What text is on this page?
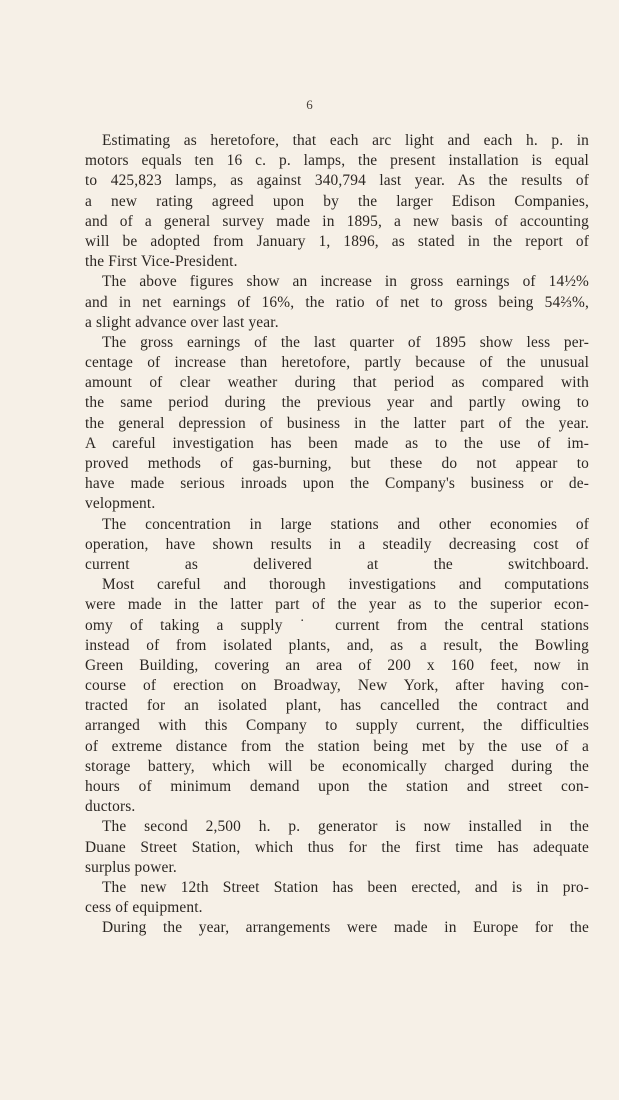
6
Estimating as heretofore, that each arc light and each h. p. in
motors equals ten 16 c. p. lamps, the present installation is equal
to 425,823 lamps, as against 340,794 last year. As the results of
a new rating agreed upon by the larger Edison Companies,
and of a general survey made in 1895, a new basis of accounting
will be adopted from January 1, 1896, as stated in the report of
the First Vice-President.
The above figures show an increase in gross earnings of 14½%
and in net earnings of 16%, the ratio of net to gross being 54⅔%,
a slight advance over last year.
The gross earnings of the last quarter of 1895 show less per-
centage of increase than heretofore, partly because of the unusual
amount of clear weather during that period as compared with
the same period during the previous year and partly owing to
the general depression of business in the latter part of the year.
A careful investigation has been made as to the use of im-
proved methods of gas-burning, but these do not appear to
have made serious inroads upon the Company's business or de-
velopment.
The concentration in large stations and other economies of
operation, have shown results in a steadily decreasing cost of
current as delivered at the switchboard.
Most careful and thorough investigations and computations
were made in the latter part of the year as to the superior econ-
omy of taking a supply ˙ current from the central stations
instead of from isolated plants, and, as a result, the Bowling
Green Building, covering an area of 200 x 160 feet, now in
course of erection on Broadway, New York, after having con-
tracted for an isolated plant, has cancelled the contract and
arranged with this Company to supply current, the difficulties
of extreme distance from the station being met by the use of a
storage battery, which will be economically charged during the
hours of minimum demand upon the station and street con-
ductors.
The second 2,500 h. p. generator is now installed in the
Duane Street Station, which thus for the first time has adequate
surplus power.
The new 12th Street Station has been erected, and is in pro-
cess of equipment.
During the year, arrangements were made in Europe for the
